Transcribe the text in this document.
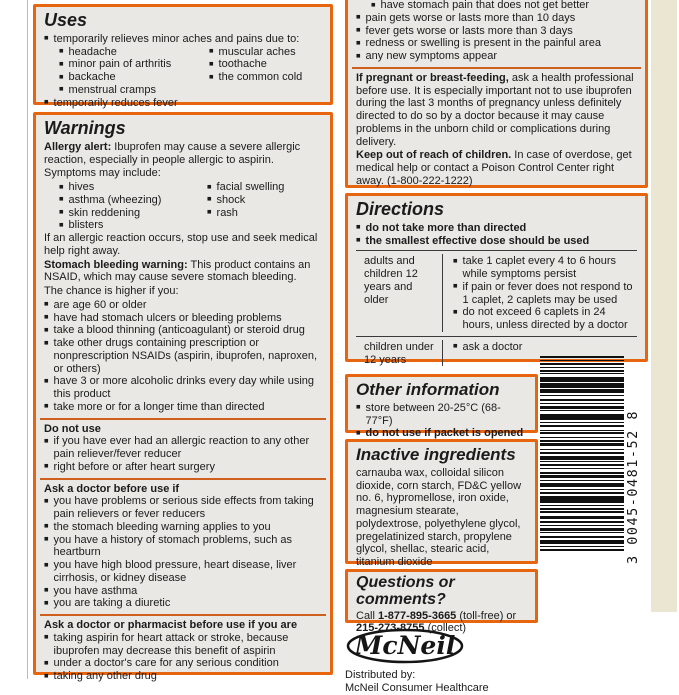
Uses
■ temporarily relieves minor aches and pains due to:
■ headache
■ minor pain of arthritis
■ backache
■ menstrual cramps
■ muscular aches
■ toothache
■ the common cold
■ temporarily reduces fever
Warnings
Allergy alert: Ibuprofen may cause a severe allergic reaction, especially in people allergic to aspirin.
Symptoms may include:
■ hives
■ asthma (wheezing)
■ skin reddening
■ blisters
■ facial swelling
■ shock
■ rash
If an allergic reaction occurs, stop use and seek medical help right away.
Stomach bleeding warning: This product contains an NSAID, which may cause severe stomach bleeding.
The chance is higher if you:
■ are age 60 or older
■ have had stomach ulcers or bleeding problems
■ take a blood thinning (anticoagulant) or steroid drug
■ take other drugs containing prescription or nonprescription NSAIDs (aspirin, ibuprofen, naproxen, or others)
■ have 3 or more alcoholic drinks every day while using this product
■ take more or for a longer time than directed
Do not use
■ if you have ever had an allergic reaction to any other pain reliever/fever reducer
■ right before or after heart surgery
Ask a doctor before use if
■ you have problems or serious side effects from taking pain relievers or fever reducers
■ the stomach bleeding warning applies to you
■ you have a history of stomach problems, such as heartburn
■ you have high blood pressure, heart disease, liver cirrhosis, or kidney disease
■ you have asthma
■ you are taking a diuretic
Ask a doctor or pharmacist before use if you are
■ taking aspirin for heart attack or stroke, because ibuprofen may decrease this benefit of aspirin
■ under a doctor's care for any serious condition
■ taking any other drug
■ have stomach pain that does not get better
■ pain gets worse or lasts more than 10 days
■ fever gets worse or lasts more than 3 days
■ redness or swelling is present in the painful area
■ any new symptoms appear
If pregnant or breast-feeding, ask a health professional before use. It is especially important not to use ibuprofen during the last 3 months of pregnancy unless definitely directed to do so by a doctor because it may cause problems in the unborn child or complications during delivery.
Keep out of reach of children. In case of overdose, get medical help or contact a Poison Control Center right away. (1-800-222-1222)
Directions
■ do not take more than directed
■ the smallest effective dose should be used
adults and children 12 years and older
■ take 1 caplet every 4 to 6 hours while symptoms persist
■ if pain or fever does not respond to 1 caplet, 2 caplets may be used
■ do not exceed 6 caplets in 24 hours, unless directed by a doctor
children under 12 years
■ ask a doctor
Other information
■ store between 20-25°C (68-77°F)
■ do not use if packet is opened
Inactive ingredients
carnauba wax, colloidal silicon dioxide, corn starch, FD&C yellow no. 6, hypromellose, iron oxide, magnesium stearate, polydextrose, polyethylene glycol, pregelatinized starch, propylene glycol, shellac, stearic acid, titanium dioxide
Questions or comments?
Call 1-877-895-3665 (toll-free) or
215-273-8755 (collect)
3 0045-0481-52 8
McNeil
Distributed by:
McNeil Consumer Healthcare
